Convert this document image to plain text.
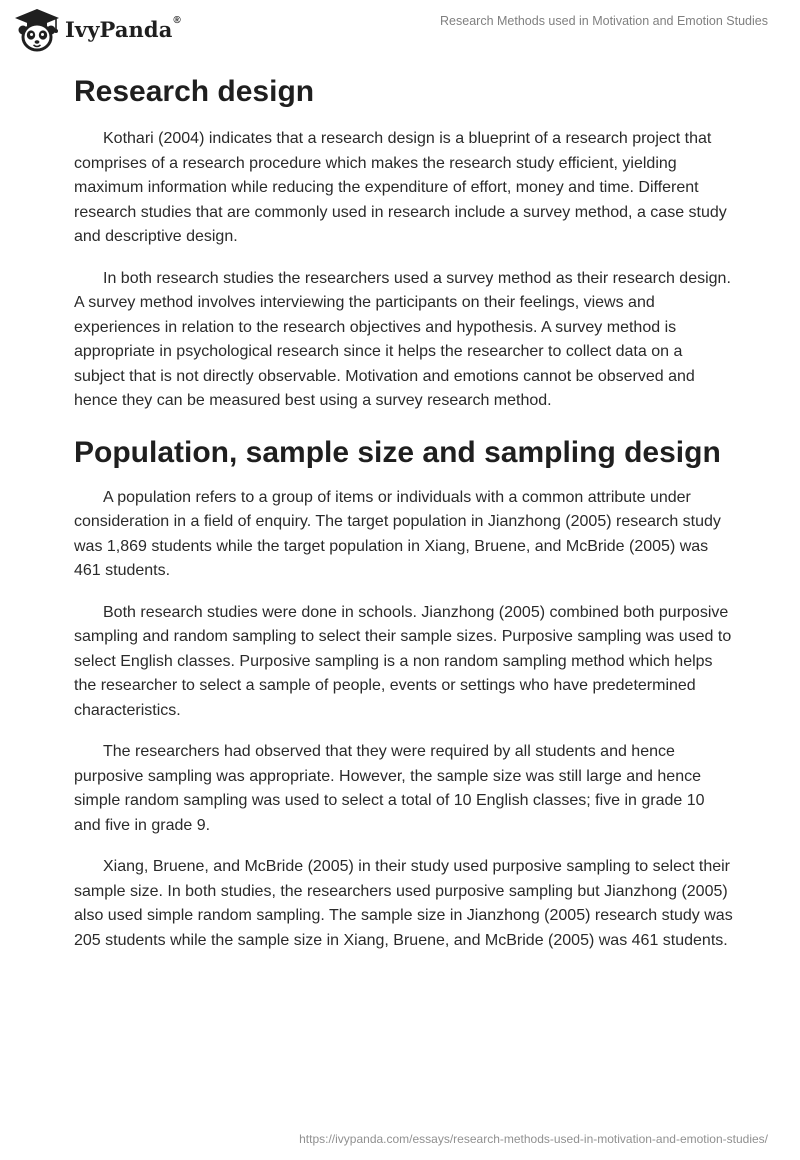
IvyPanda®	Research Methods used in Motivation and Emotion Studies
Research design

Kothari (2004) indicates that a research design is a blueprint of a research project that comprises of a research procedure which makes the research study efficient, yielding maximum information while reducing the expenditure of effort, money and time. Different research studies that are commonly used in research include a survey method, a case study and descriptive design.

In both research studies the researchers used a survey method as their research design. A survey method involves interviewing the participants on their feelings, views and experiences in relation to the research objectives and hypothesis. A survey method is appropriate in psychological research since it helps the researcher to collect data on a subject that is not directly observable. Motivation and emotions cannot be observed and hence they can be measured best using a survey research method.

Population, sample size and sampling design

A population refers to a group of items or individuals with a common attribute under consideration in a field of enquiry. The target population in Jianzhong (2005) research study was 1,869 students while the target population in Xiang, Bruene, and McBride (2005) was 461 students.

Both research studies were done in schools. Jianzhong (2005) combined both purposive sampling and random sampling to select their sample sizes. Purposive sampling was used to select English classes. Purposive sampling is a non random sampling method which helps the researcher to select a sample of people, events or settings who have predetermined characteristics.

The researchers had observed that they were required by all students and hence purposive sampling was appropriate. However, the sample size was still large and hence simple random sampling was used to select a total of 10 English classes; five in grade 10 and five in grade 9.

Xiang, Bruene, and McBride (2005) in their study used purposive sampling to select their sample size. In both studies, the researchers used purposive sampling but Jianzhong (2005) also used simple random sampling. The sample size in Jianzhong (2005) research study was 205 students while the sample size in Xiang, Bruene, and McBride (2005) was 461 students.

https://ivypanda.com/essays/research-methods-used-in-motivation-and-emotion-studies/
